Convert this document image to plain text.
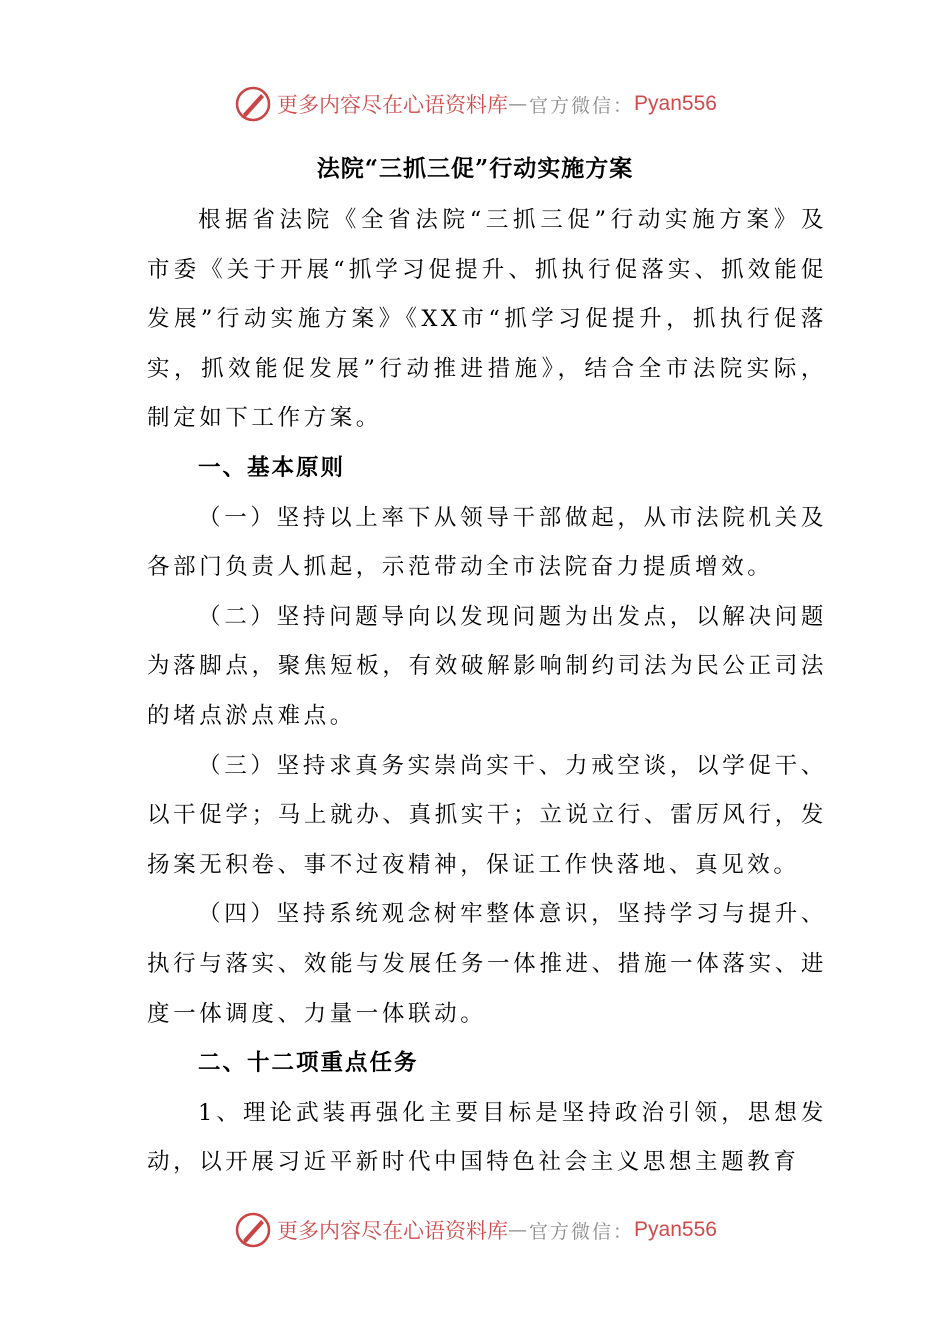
更多内容尽在心语资料库 — 官方微信： Pyan556
法院“三抓三促”行动实施方案

根据省法院《全省法院“三抓三促”行动实施方案》及市委《关于开展“抓学习促提升、抓执行促落实、抓效能促发展”行动实施方案》《XX市“抓学习促提升，抓执行促落实，抓效能促发展”行动推进措施》，结合全市法院实际，制定如下工作方案。

一、基本原则

（一）坚持以上率下从领导干部做起，从市法院机关及各部门负责人抓起，示范带动全市法院奋力提质增效。

（二）坚持问题导向以发现问题为出发点，以解决问题为落脚点，聚焦短板，有效破解影响制约司法为民公正司法的堵点淤点难点。

（三）坚持求真务实崇尚实干、力戒空谈，以学促干、以干促学；马上就办、真抓实干；立说立行、雷厉风行，发扬案无积卷、事不过夜精神，保证工作快落地、真见效。

（四）坚持系统观念树牢整体意识，坚持学习与提升、执行与落实、效能与发展任务一体推进、措施一体落实、进度一体调度、力量一体联动。

二、十二项重点任务

1、理论武装再强化主要目标是坚持政治引领，思想发动，以开展习近平新时代中国特色社会主义思想主题教育

更多内容尽在心语资料库 — 官方微信： Pyan556
